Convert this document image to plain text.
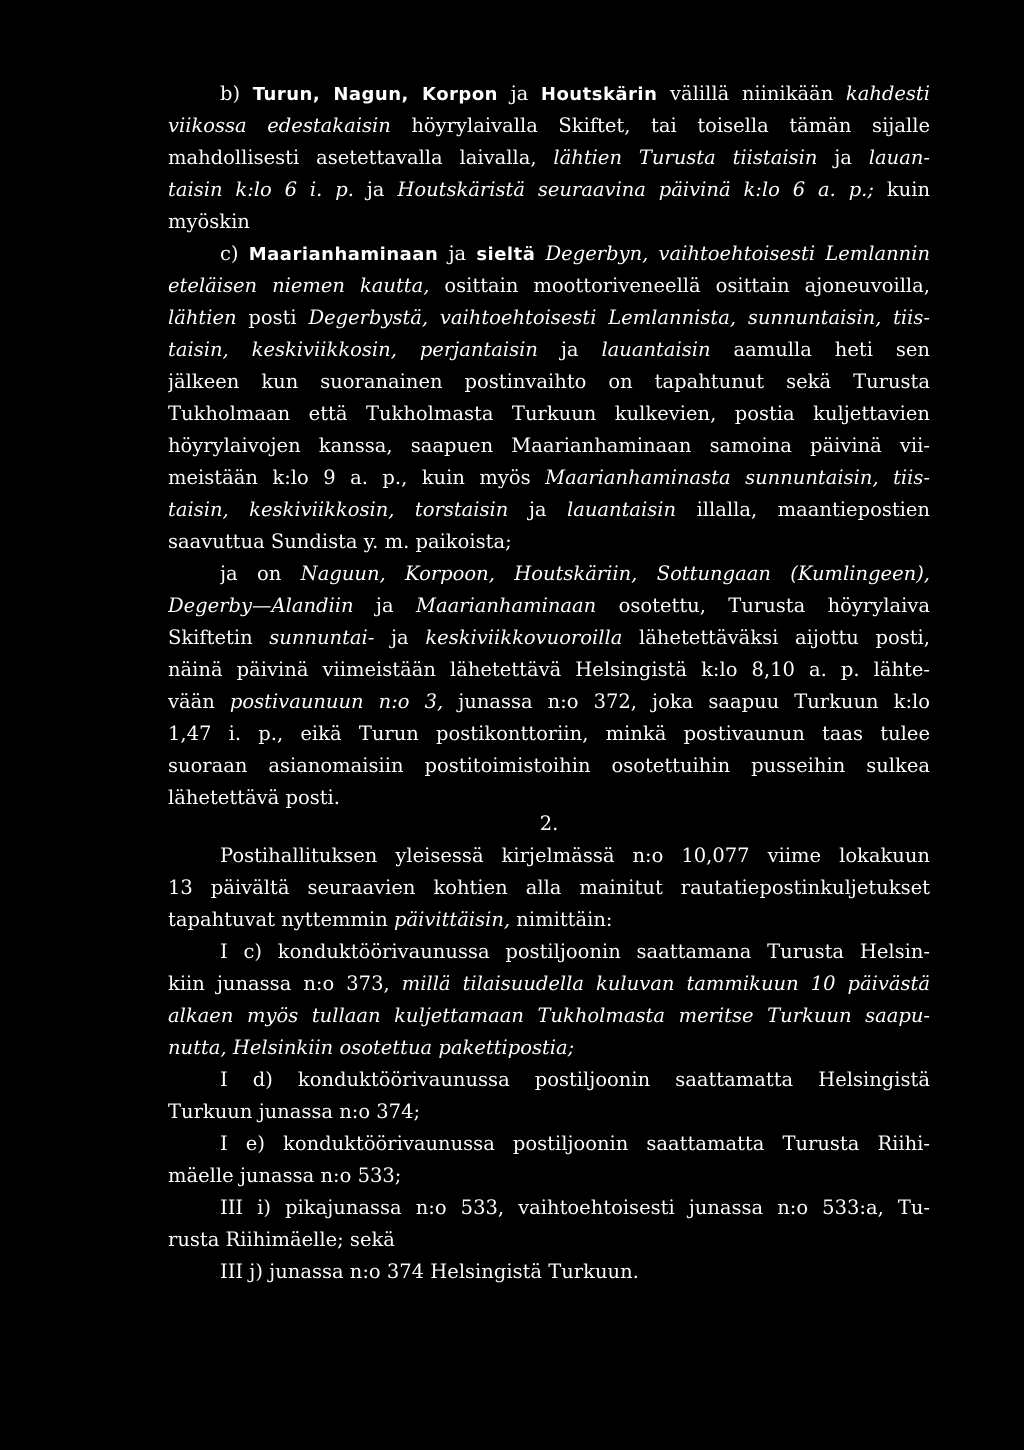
b) Turun, Nagun, Korpon ja Houtskärin välillä niinikään kahdesti
viikossa edestakaisin höyrylaivalla Skiftet, tai toisella tämän sijalle
mahdollisesti asetettavalla laivalla, lähtien Turusta tiistaisin ja lauan-
taisin k:lo 6 i. p. ja Houtskäristä seuraavina päivinä k:lo 6 a. p.; kuin
myöskin
c) Maarianhaminaan ja sieltä Degerbyn, vaihtoehtoisesti Lemlannin
eteläisen niemen kautta, osittain moottoriveneellä osittain ajoneuvoilla,
lähtien posti Degerbystä, vaihtoehtoisesti Lemlannista, sunnuntaisin, tiis-
taisin, keskiviikkosin, perjantaisin ja lauantaisin aamulla heti sen
jälkeen kun suoranainen postinvaihto on tapahtunut sekä Turusta
Tukholmaan että Tukholmasta Turkuun kulkevien, postia kuljettavien
höyrylaivojen kanssa, saapuen Maarianhaminaan samoina päivinä vii-
meistään k:lo 9 a. p., kuin myös Maarianhaminasta sunnuntaisin, tiis-
taisin, keskiviikkosin, torstaisin ja lauantaisin illalla, maantiepostien
saavuttua Sundista y. m. paikoista;
ja on Naguun, Korpoon, Houtskäriin, Sottungaan (Kumlingeen),
Degerby—Alandiin ja Maarianhaminaan osotettu, Turusta höyrylaiva
Skiftetin sunnuntai- ja keskiviikkovuoroilla lähetettäväksi aijottu posti,
näinä päivinä viimeistään lähetettävä Helsingistä k:lo 8,10 a. p. lähte-
vään postivaunuun n:o 3, junassa n:o 372, joka saapuu Turkuun k:lo
1,47 i. p., eikä Turun postikonttoriin, minkä postivaunun taas tulee
suoraan asianomaisiin postitoimistoihin osotettuihin pusseihin sulkea
lähetettävä posti.
2.
Postihallituksen yleisessä kirjelmässä n:o 10,077 viime lokakuun
13 päivältä seuraavien kohtien alla mainitut rautatiepostinkuljetukset
tapahtuvat nyttemmin päivittäisin, nimittäin:
I c) konduktöörivaunussa postiljoonin saattamana Turusta Helsin-
kiin junassa n:o 373, millä tilaisuudella kuluvan tammikuun 10 päivästä
alkaen myös tullaan kuljettamaan Tukholmasta meritse Turkuun saapu-
nutta, Helsinkiin osotettua pakettipostia;
I d) konduktöörivaunussa postiljoonin saattamatta Helsingistä
Turkuun junassa n:o 374;
I e) konduktöörivaunussa postiljoonin saattamatta Turusta Riihi-
mäelle junassa n:o 533;
III i) pikajunassa n:o 533, vaihtoehtoisesti junassa n:o 533:a, Tu-
rusta Riihimäelle; sekä
III j) junassa n:o 374 Helsingistä Turkuun.
